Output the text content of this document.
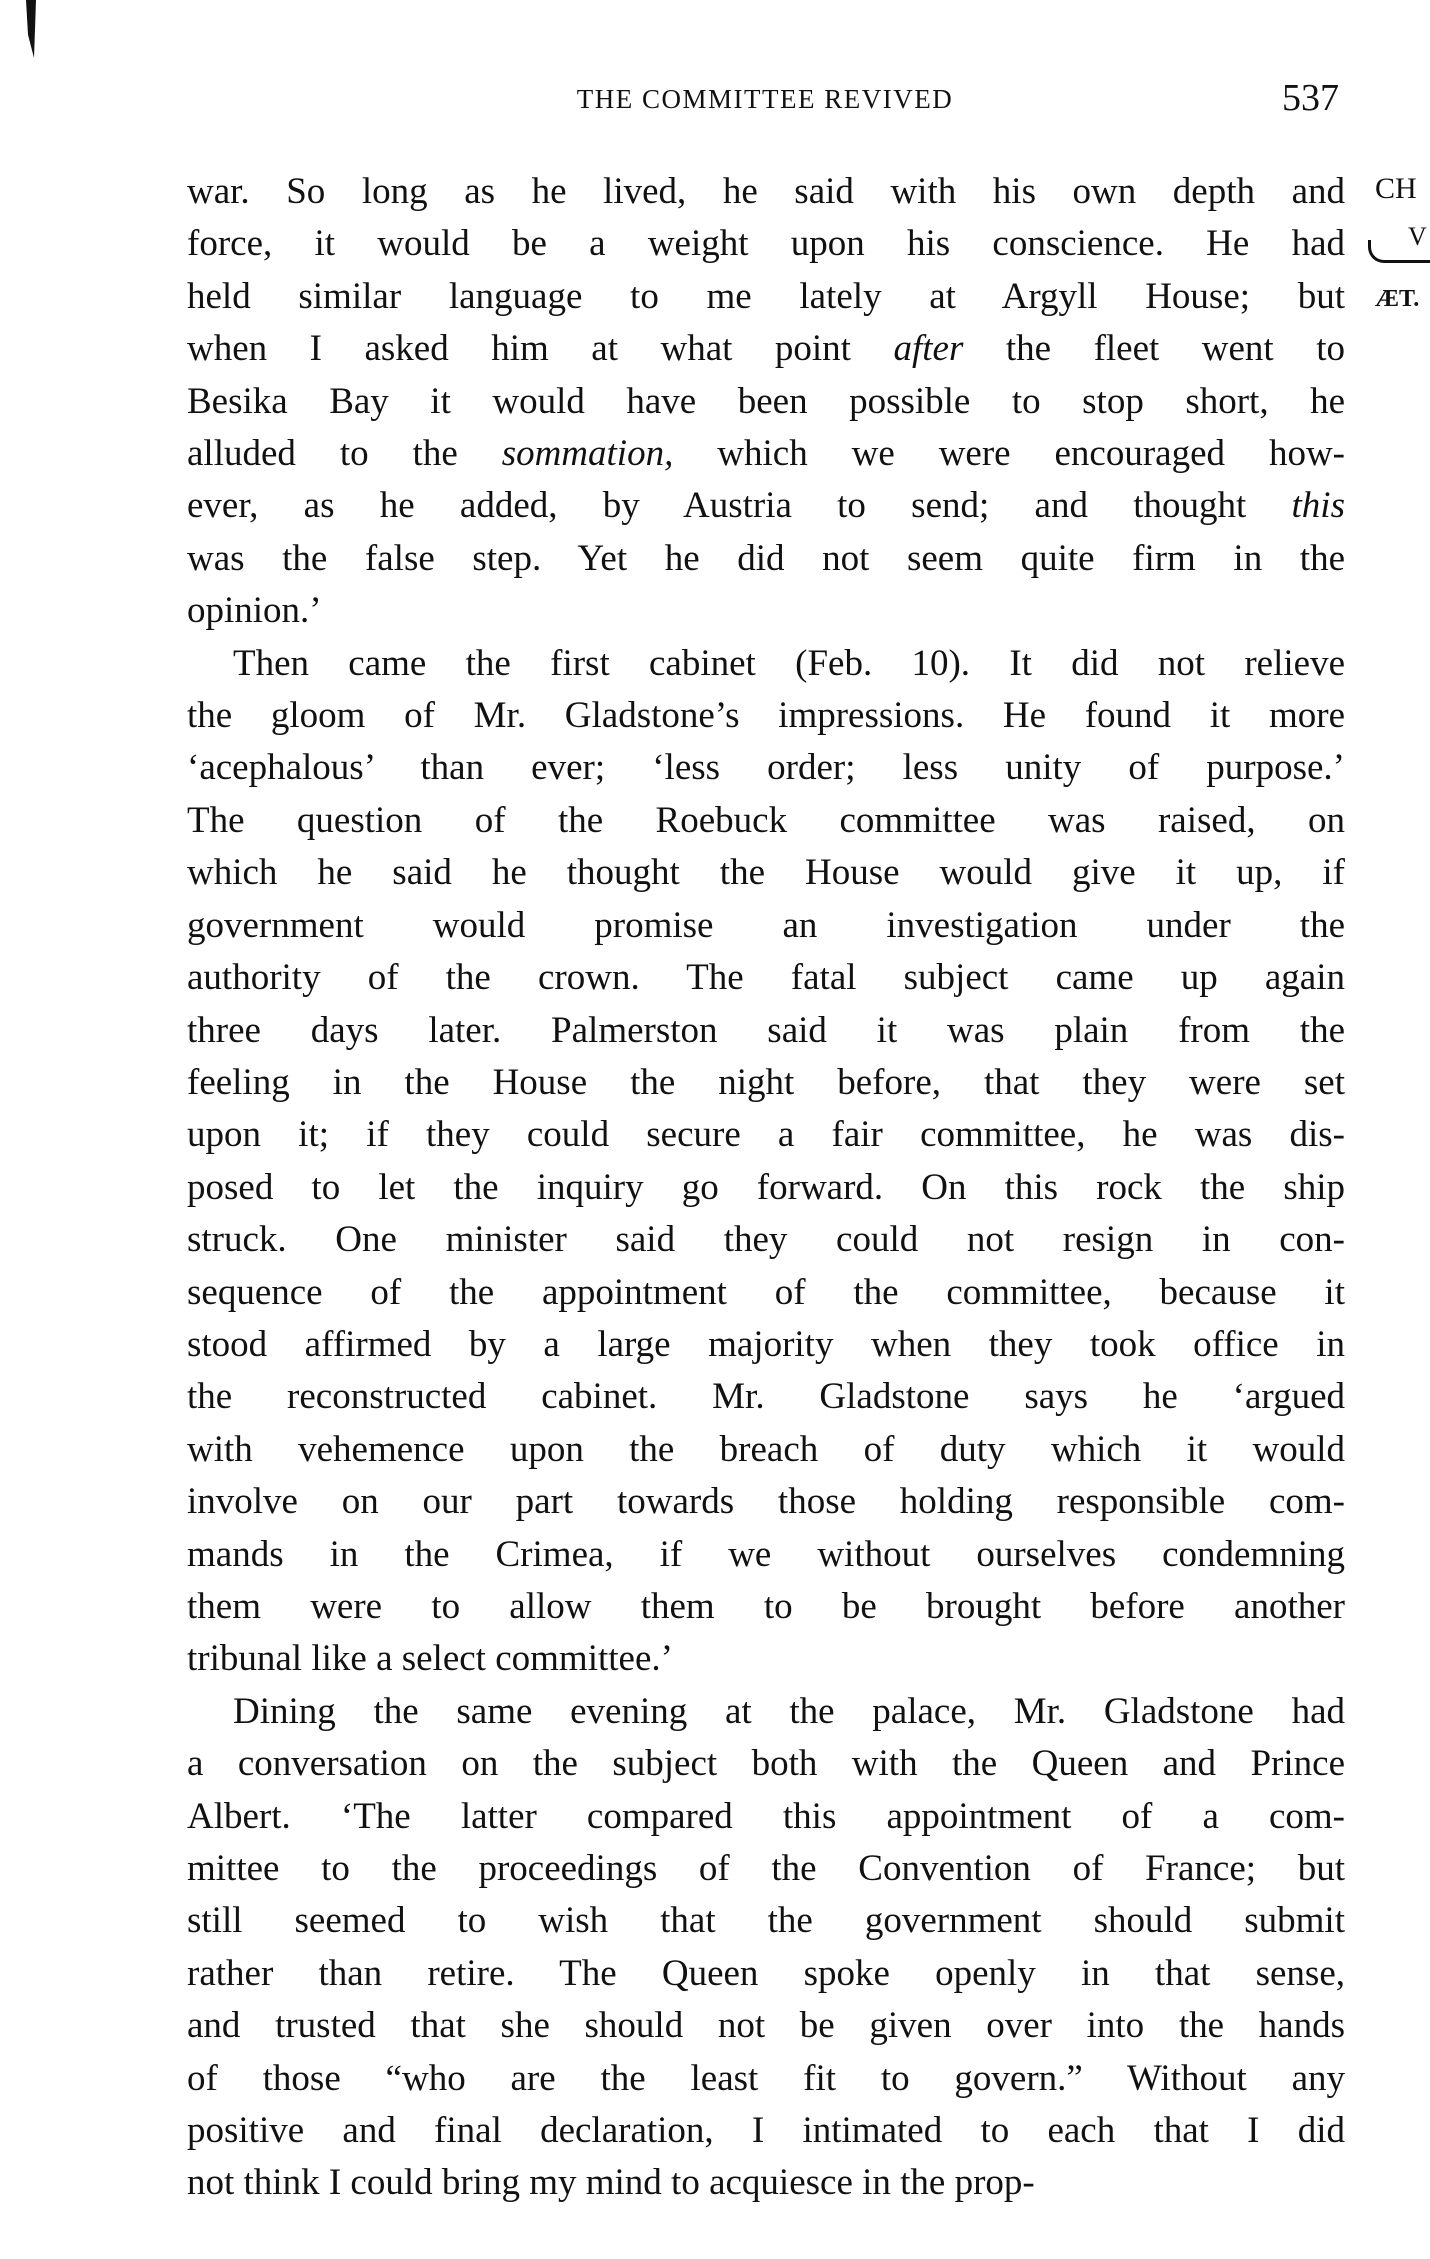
THE COMMITTEE REVIVED	537
CH
V
ÆT.
war. So long as he lived, he said with his own depth and
force, it would be a weight upon his conscience. He had
held similar language to me lately at Argyll House; but
when I asked him at what point after the fleet went to
Besika Bay it would have been possible to stop short, he
alluded to the sommation, which we were encouraged how-
ever, as he added, by Austria to send; and thought this
was the false step. Yet he did not seem quite firm in the
opinion.’
Then came the first cabinet (Feb. 10). It did not relieve
the gloom of Mr. Gladstone’s impressions. He found it more
‘acephalous’ than ever; ‘less order; less unity of purpose.’
The question of the Roebuck committee was raised, on
which he said he thought the House would give it up, if
government would promise an investigation under the
authority of the crown. The fatal subject came up again
three days later. Palmerston said it was plain from the
feeling in the House the night before, that they were set
upon it; if they could secure a fair committee, he was dis-
posed to let the inquiry go forward. On this rock the ship
struck. One minister said they could not resign in con-
sequence of the appointment of the committee, because it
stood affirmed by a large majority when they took office in
the reconstructed cabinet. Mr. Gladstone says he ‘argued
with vehemence upon the breach of duty which it would
involve on our part towards those holding responsible com-
mands in the Crimea, if we without ourselves condemning
them were to allow them to be brought before another
tribunal like a select committee.’
Dining the same evening at the palace, Mr. Gladstone had
a conversation on the subject both with the Queen and Prince
Albert. ‘The latter compared this appointment of a com-
mittee to the proceedings of the Convention of France; but
still seemed to wish that the government should submit
rather than retire. The Queen spoke openly in that sense,
and trusted that she should not be given over into the hands
of those “who are the least fit to govern.” Without any
positive and final declaration, I intimated to each that I did
not think I could bring my mind to acquiesce in the prop-
